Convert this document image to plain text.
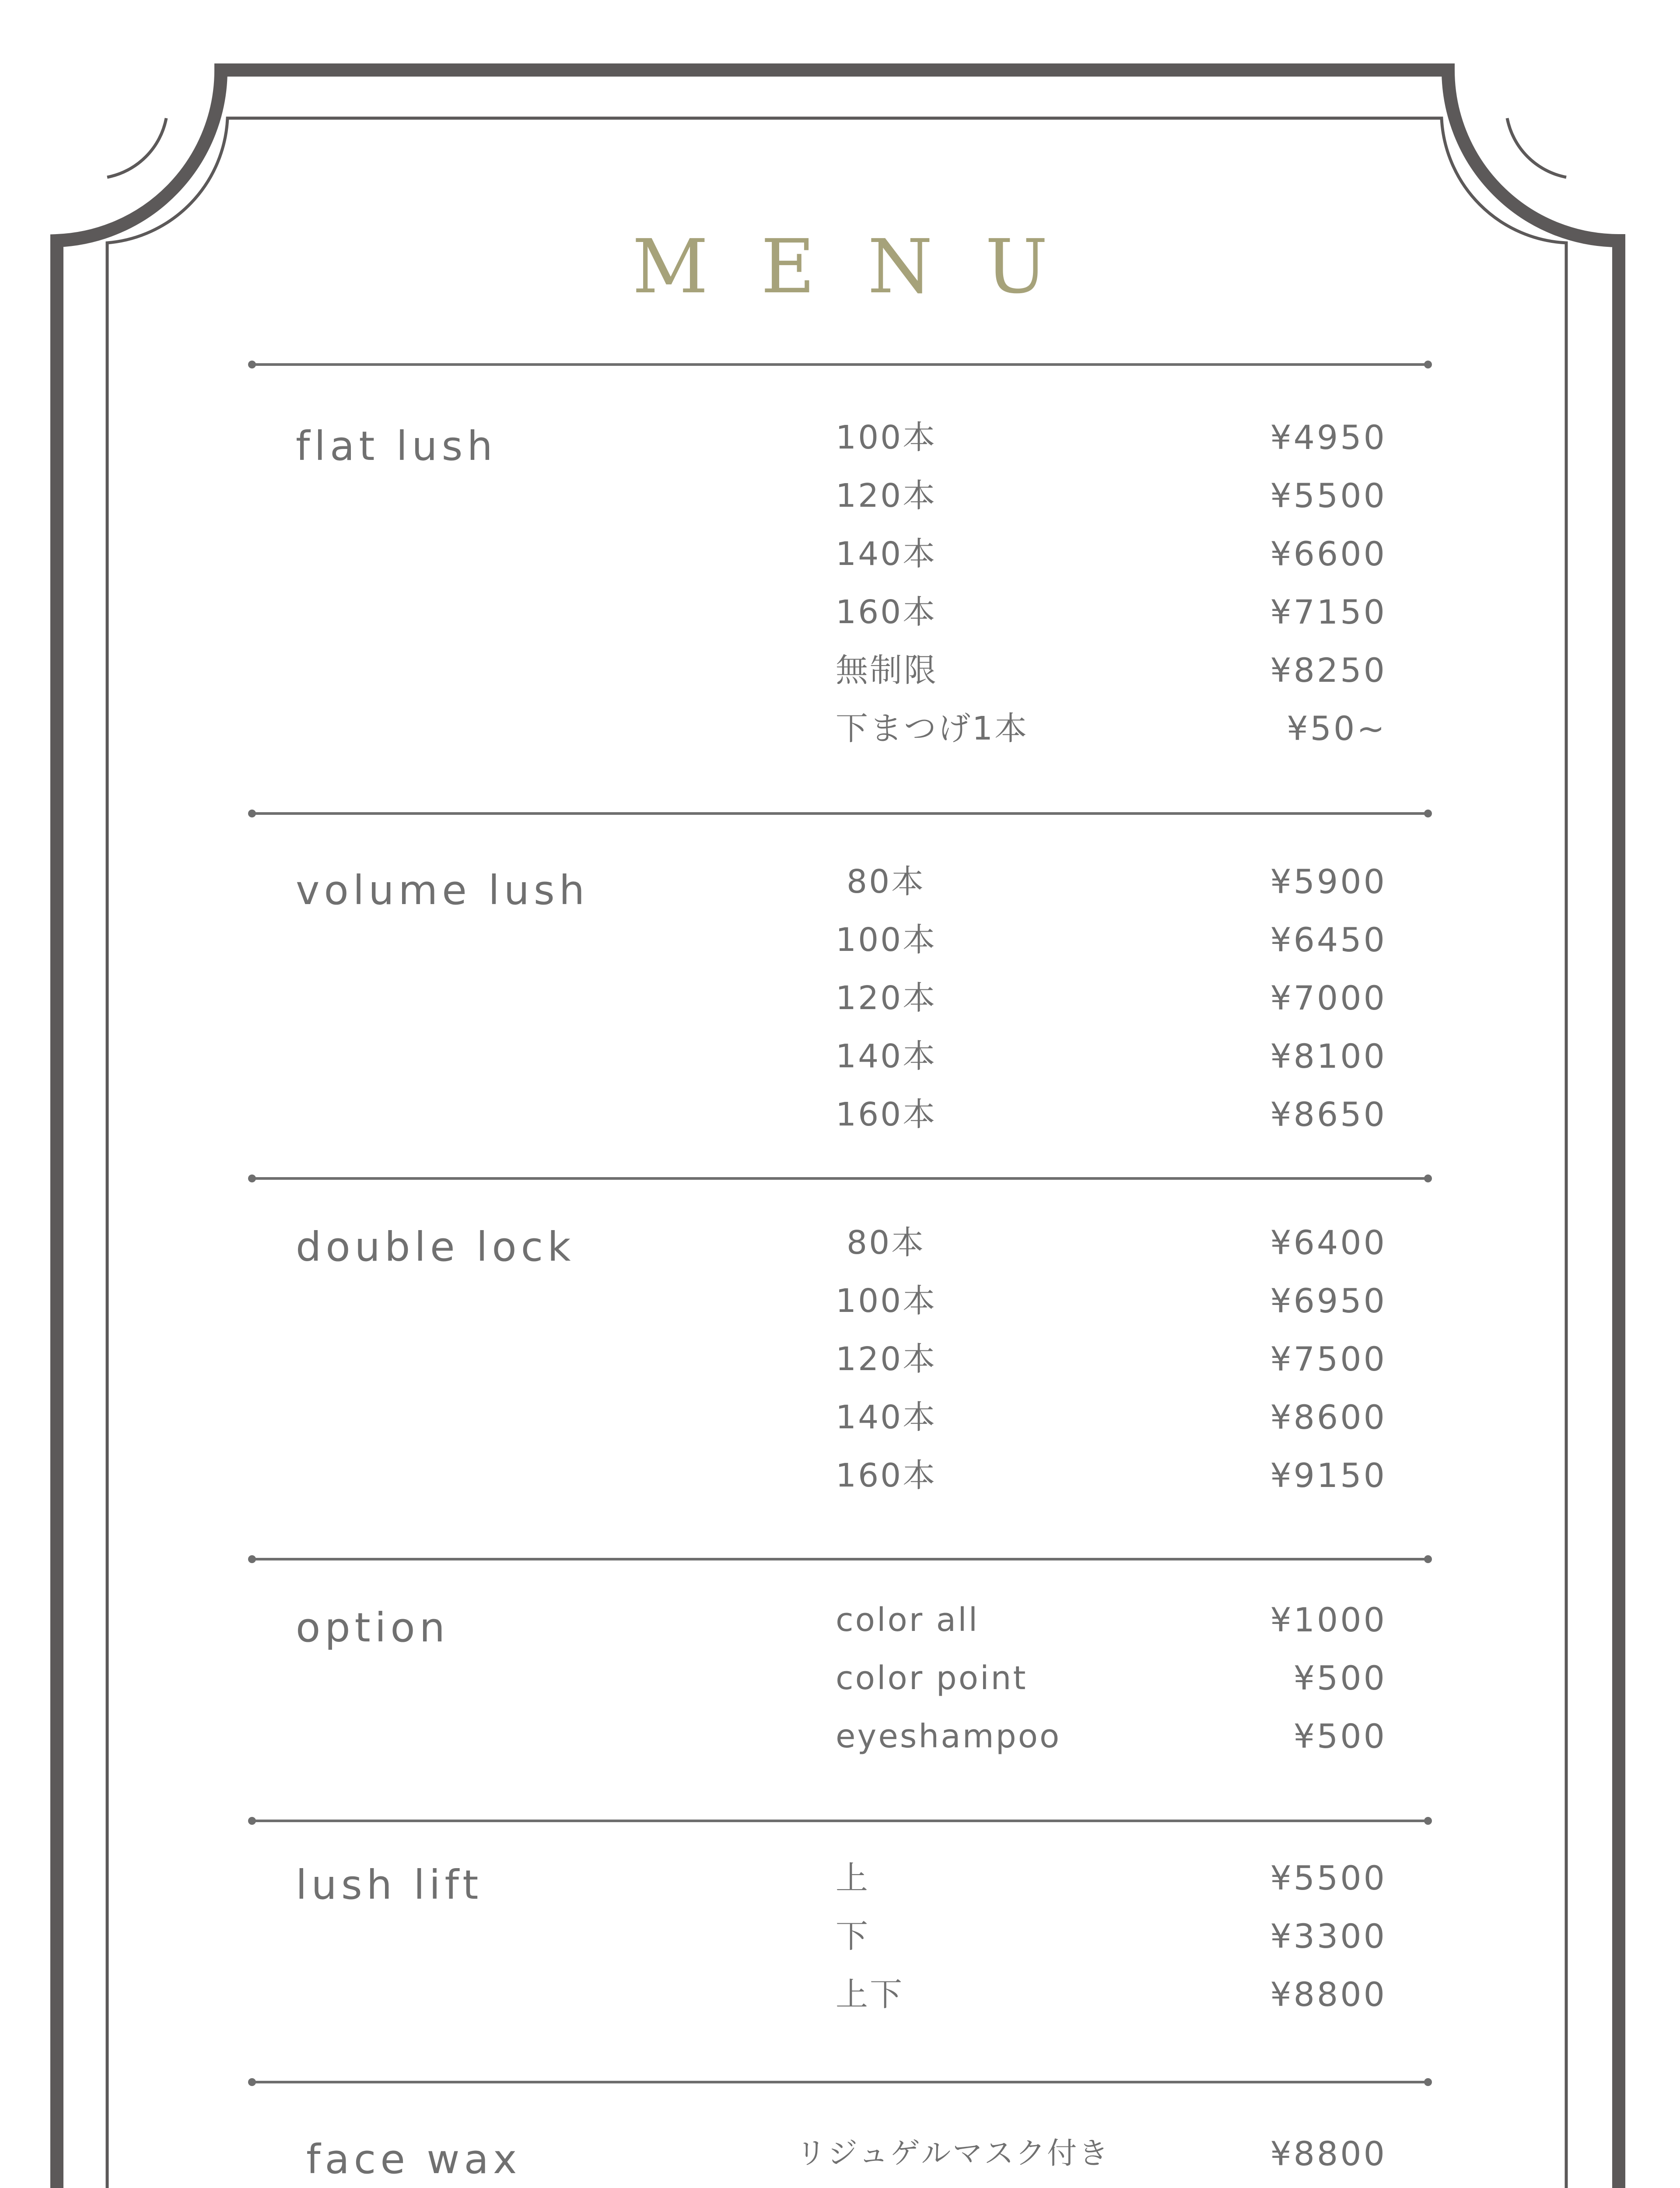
MENU
flat lush	100本	¥4950
120本	¥5500
140本	¥6600
160本	¥7150
無制限	¥8250
下まつげ1本	¥50~
volume lush	80本	¥5900
100本	¥6450
120本	¥7000
140本	¥8100
160本	¥8650
double lock	80本	¥6400
100本	¥6950
120本	¥7500
140本	¥8600
160本	¥9150
option	color all	¥1000
color point	¥500
eyeshampoo	¥500
lush lift	上	¥5500
下	¥3300
上下	¥8800
face wax	リジュゲルマスク付き	¥8800
